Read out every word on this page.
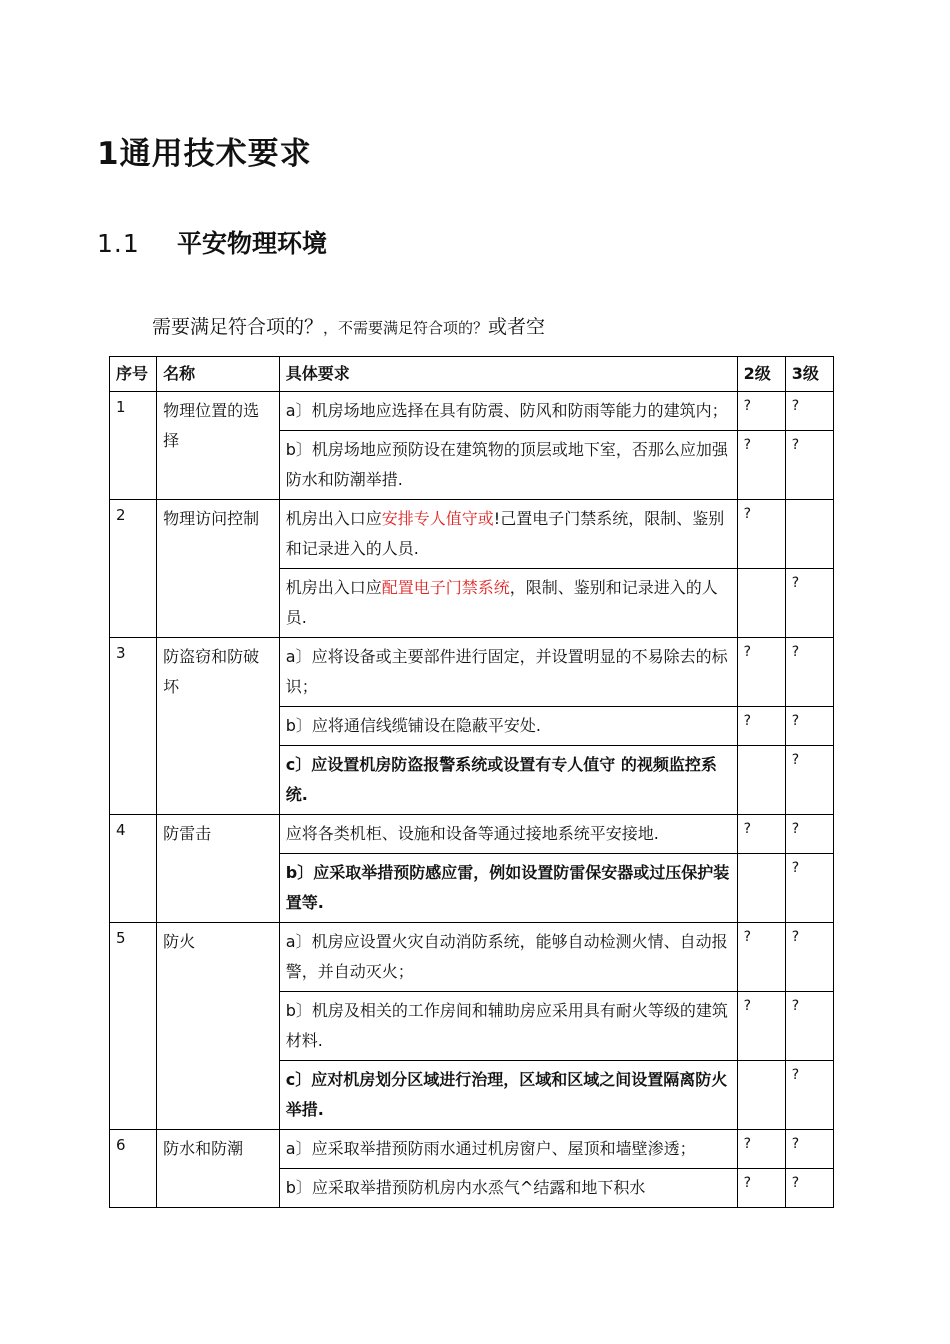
1通用技术要求
1.1 平安物理环境

需要满足符合项的？，不需要满足符合项的？或者空

序号	名称	具体要求	2级	3级
1	物理位置的选择	a〕机房场地应选择在具有防震、防风和防雨等能力的建筑内；	?	?
		b〕机房场地应预防设在建筑物的顶层或地下室，否那么应加强防水和防潮举措.	?	?
2	物理访问控制	机房出入口应安排专人值守或!己置电子门禁系统，限制、鉴别和记录进入的人员.	?	
		机房出入口应配置电子门禁系统，限制、鉴别和记录进入的人员.		?
3	防盗窃和防破坏	a〕应将设备或主要部件进行固定，并设置明显的不易除去的标识；	?	?
		b〕应将通信线缆铺设在隐蔽平安处.	?	?
		c〕应设置机房防盗报警系统或设置有专人值守 的视频监控系统.		?
4	防雷击	应将各类机柜、设施和设备等通过接地系统平安接地.	?	?
		b〕应采取举措预防感应雷，例如设置防雷保安器或过压保护装置等.		?
5	防火	a〕机房应设置火灾自动消防系统，能够自动检测火情、自动报警，并自动灭火；	?	?
		b〕机房及相关的工作房间和辅助房应采用具有耐火等级的建筑材料.	?	?
		c〕应对机房划分区域进行治理，区域和区域之间设置隔离防火举措.		?
6	防水和防潮	a〕应采取举措预防雨水通过机房窗户、屋顶和墙壁渗透；	?	?
		b〕应采取举措预防机房内水烝气^结露和地下积水	?	?
